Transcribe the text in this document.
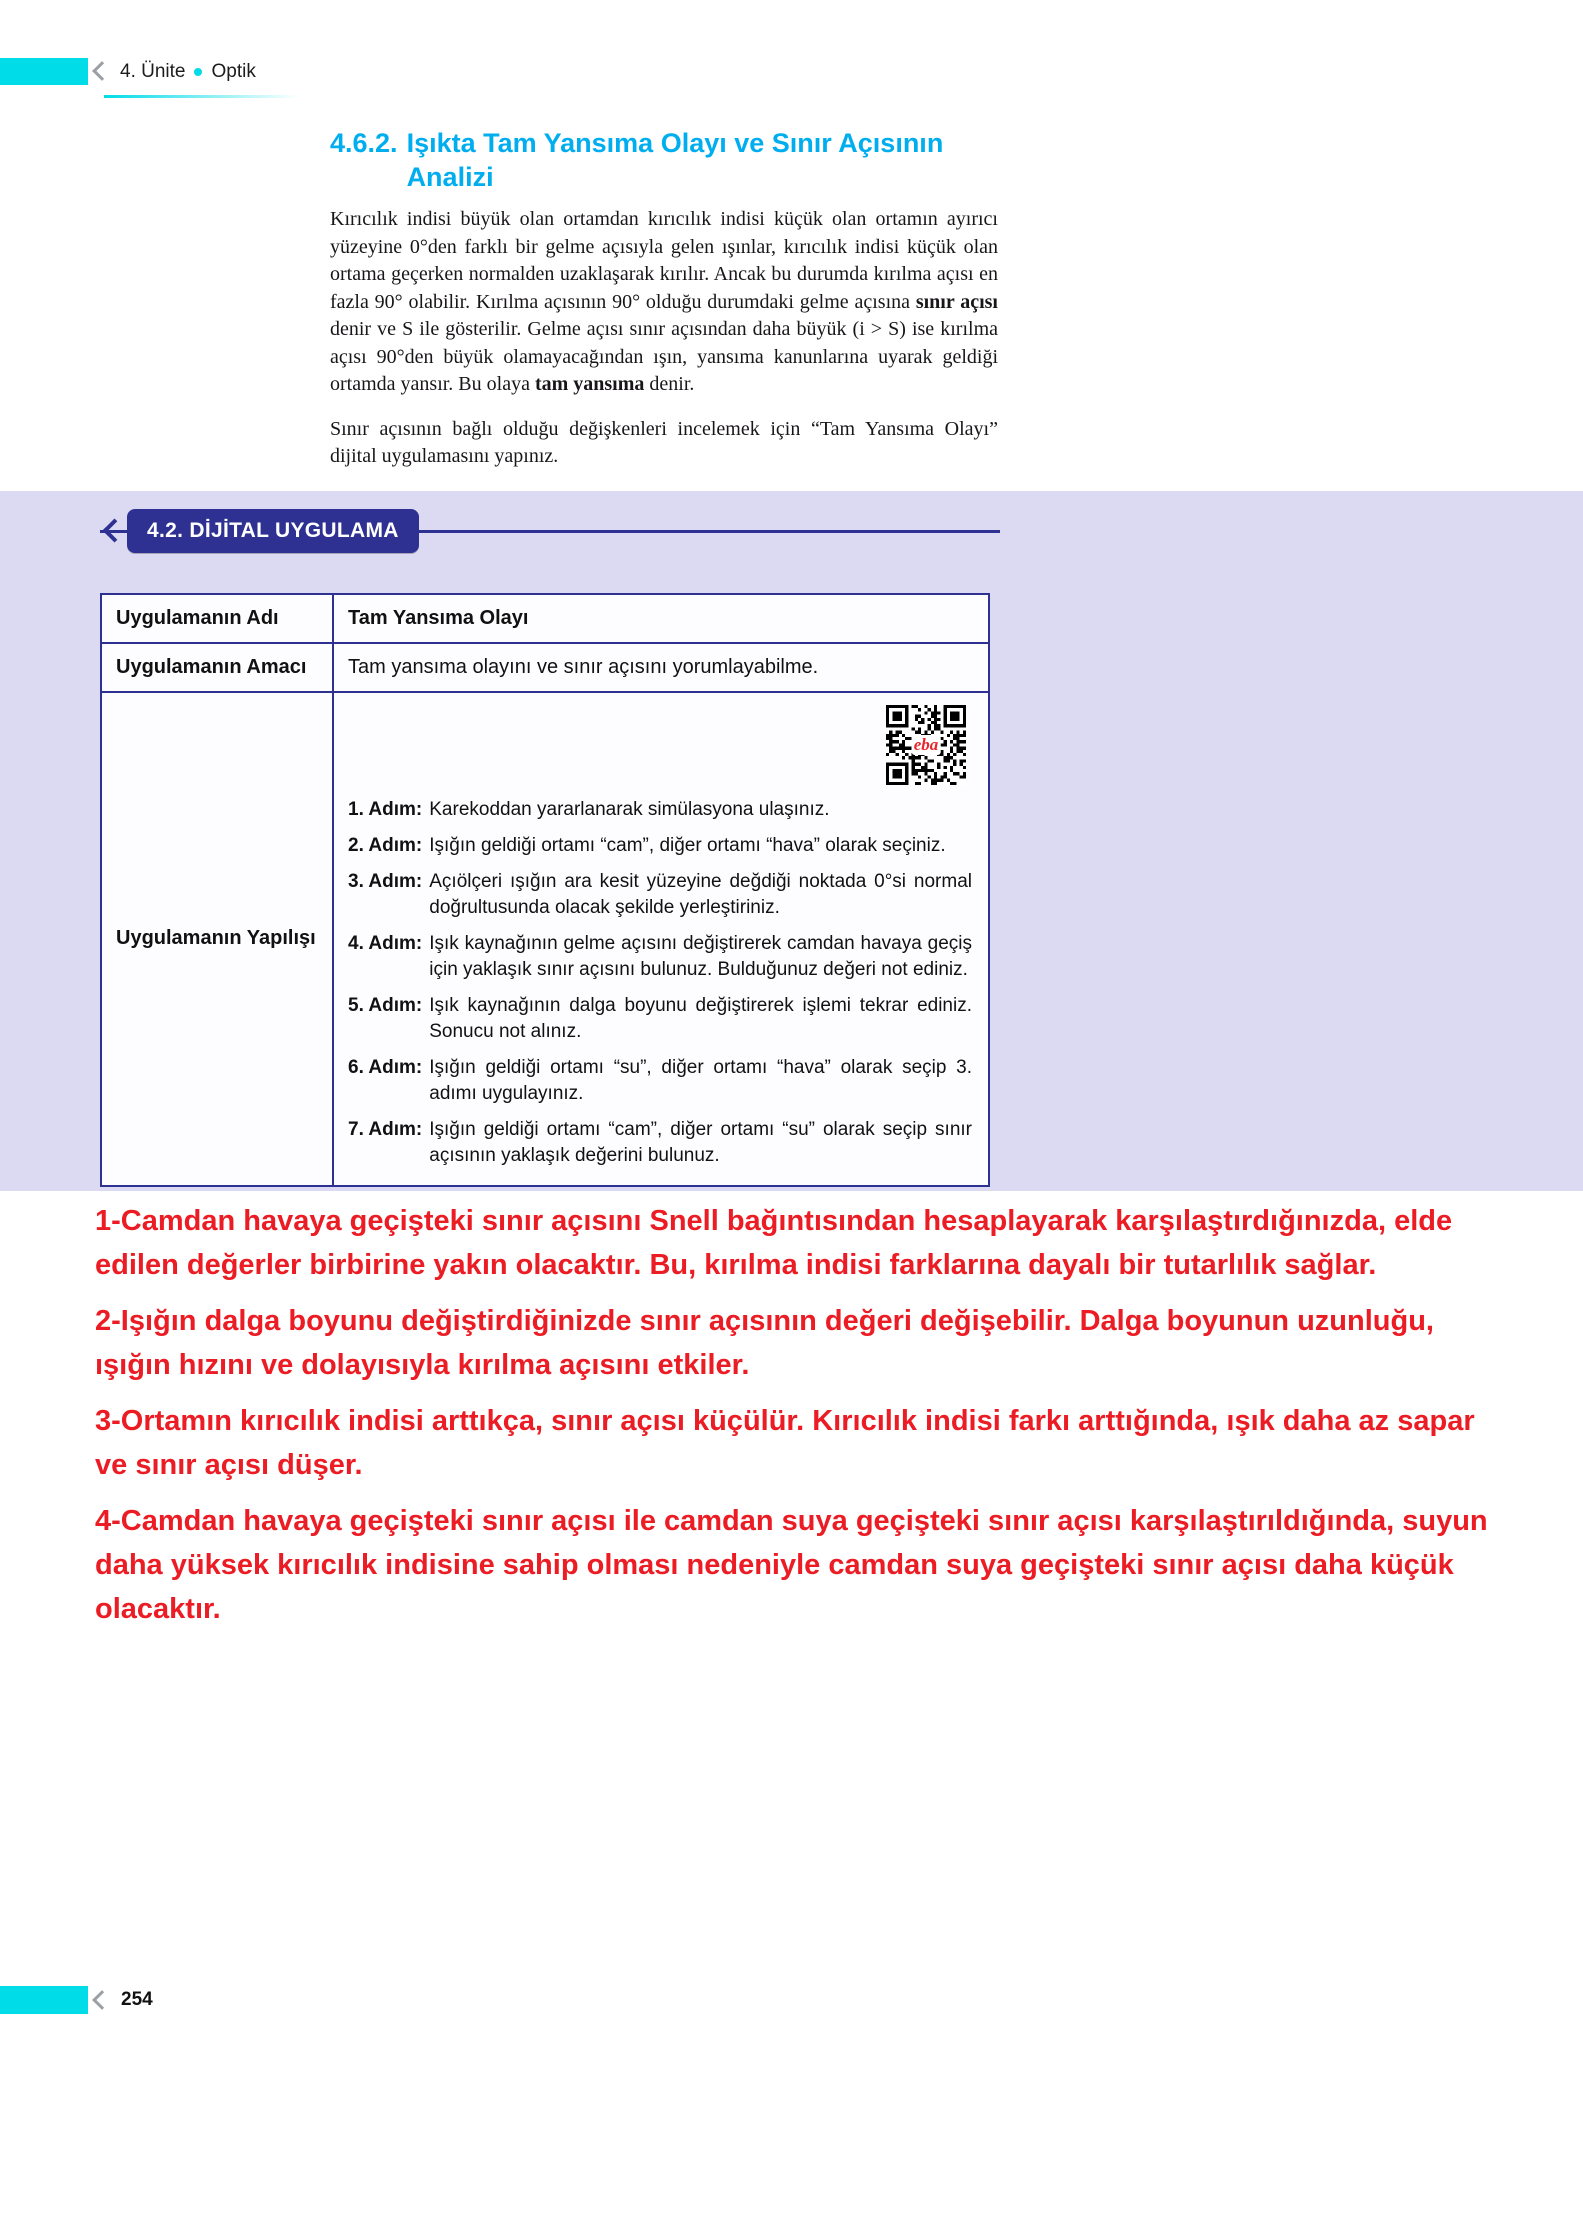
4. Ünite Optik
4.6.2. Işıkta Tam Yansıma Olayı ve Sınır Açısının Analizi

Kırıcılık indisi büyük olan ortamdan kırıcılık indisi küçük olan ortamın ayırıcı yüzeyine 0°den farklı bir gelme açısıyla gelen ışınlar, kırıcılık indisi küçük olan ortama geçerken normalden uzaklaşarak kırılır. Ancak bu durumda kırılma açısı en fazla 90° olabilir. Kırılma açısının 90° olduğu durumdaki gelme açısına sınır açısı denir ve S ile gösterilir. Gelme açısı sınır açısından daha büyük (i > S) ise kırılma açısı 90°den büyük olamayacağından ışın, yansıma kanunlarına uyarak geldiği ortamda yansır. Bu olaya tam yansıma denir.

Sınır açısının bağlı olduğu değişkenleri incelemek için “Tam Yansıma Olayı” dijital uygulamasını yapınız.

4.2. DİJİTAL UYGULAMA
Uygulamanın Adı	Tam Yansıma Olayı
Uygulamanın Amacı	Tam yansıma olayını ve sınır açısını yorumlayabilme.
Uygulamanın Yapılışı
eba
1. Adım: Karekoddan yararlanarak simülasyona ulaşınız.
2. Adım: Işığın geldiği ortamı “cam”, diğer ortamı “hava” olarak seçiniz.
3. Adım: Açıölçeri ışığın ara kesit yüzeyine değdiği noktada 0°si normal doğrultusunda olacak şekilde yerleştiriniz.
4. Adım: Işık kaynağının gelme açısını değiştirerek camdan havaya geçiş için yaklaşık sınır açısını bulunuz. Bulduğunuz değeri not ediniz.
5. Adım: Işık kaynağının dalga boyunu değiştirerek işlemi tekrar ediniz. Sonucu not alınız.
6. Adım: Işığın geldiği ortamı “su”, diğer ortamı “hava” olarak seçip 3. adımı uygulayınız.
7. Adım: Işığın geldiği ortamı “cam”, diğer ortamı “su” olarak seçip sınır açısının yaklaşık değerini bulunuz.

1-Camdan havaya geçişteki sınır açısını Snell bağıntısından hesaplayarak karşılaştırdığınızda, elde edilen değerler birbirine yakın olacaktır. Bu, kırılma indisi farklarına dayalı bir tutarlılık sağlar.

2-Işığın dalga boyunu değiştirdiğinizde sınır açısının değeri değişebilir. Dalga boyunun uzunluğu, ışığın hızını ve dolayısıyla kırılma açısını etkiler.

3-Ortamın kırıcılık indisi arttıkça, sınır açısı küçülür. Kırıcılık indisi farkı arttığında, ışık daha az sapar ve sınır açısı düşer.

4-Camdan havaya geçişteki sınır açısı ile camdan suya geçişteki sınır açısı karşılaştırıldığında, suyun daha yüksek kırıcılık indisine sahip olması nedeniyle camdan suya geçişteki sınır açısı daha küçük olacaktır.

254
